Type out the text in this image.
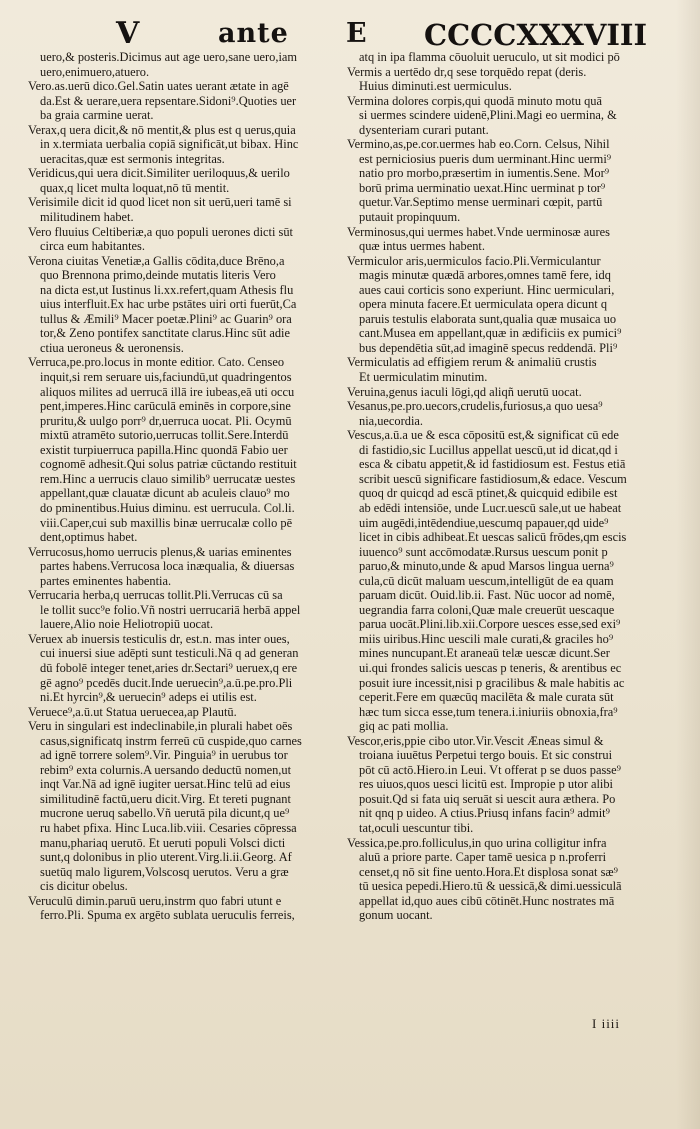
V	ante E CCCCXXXVIII
uero,& posteris.Dicimus aut age uero,sane uero,iam
uero,enimuero,atuero.
Vero.as.uerū dico.Gel.Satin uates uerant ætate in agē
da.Est & uerare,uera repsentare.Sidoni⁹.Quoties uer
ba graia carmine uerat.
Verax,q uera dicit,& nō mentit,& plus est q uerus,quia
in x.termiata uerbalia copiā significāt,ut bibax. Hinc
ueracitas,quæ est sermonis integritas.
Veridicus,qui uera dicit.Similiter ueriloquus,& uerilo
quax,q licet multa loquat,nō tū mentit.
Verisimile dicit id quod licet non sit uerū,ueri tamē si
militudinem habet.
Vero fluuius Celtiberiæ,a quo populi uerones dicti sūt
circa eum habitantes.
Verona ciuitas Venetiæ,a Gallis cōdita,duce Brēno,a
quo Brennona primo,deinde mutatis literis Vero
na dicta est,ut Iustinus li.xx.refert,quam Athesis flu
uius interfluit.Ex hac urbe pstātes uiri orti fuerūt,Ca
tullus & Æmili⁹ Macer poetæ.Plini⁹ ac Guarin⁹ ora
tor,& Zeno pontifex sanctitate clarus.Hinc sūt adie
ctiua ueroneus & ueronensis.
Verruca,pe.pro.locus in monte editior. Cato. Censeo
inquit,si rem seruare uis,faciundū,ut quadringentos
aliquos milites ad uerrucā illā ire iubeas,eā uti occu
pent,imperes.Hinc carūculā eminēs in corpore,sine
pruritu,& uulgo porr⁹ dr,uerruca uocat. Pli. Ocymū
mixtū atramēto sutorio,uerrucas tollit.Sere.Interdū
existit turpiuerruca papilla.Hinc quondā Fabio uer
cognomē adhesit.Qui solus patriæ cūctando restituit
rem.Hinc a uerrucis clauo similib⁹ uerrucatæ uestes
appellant,quæ clauatæ dicunt ab aculeis clauo⁹ mo
do pminentibus.Huius diminu. est uerrucula. Col.li.
viii.Caper,cui sub maxillis binæ uerrucalæ collo pē
dent,optimus habet.
Verrucosus,homo uerrucis plenus,& uarias eminentes
partes habens.Verrucosa loca inæqualia, & diuersas
partes eminentes habentia.
Verrucaria herba,q uerrucas tollit.Pli.Verrucas cū sa
le tollit succ⁹e folio.Vñ nostri uerrucariā herbā appel
lauere,Alio noie Heliotropiū uocat.
Veruex ab inuersis testiculis dr, est.n. mas inter oues,
cui inuersi siue adēpti sunt testiculi.Nā q ad generan
dū fobolē integer tenet,aries dr.Sectari⁹ ueruex,q ere
gē agno⁹ pcedēs ducit.Inde ueruecin⁹,a.ū.pe.pro.Pli
ni.Et hyrcin⁹,& ueruecin⁹ adeps ei utilis est.
Veruece⁹,a.ū.ut Statua ueruecea,ap Plautū.
Veru in singulari est indeclinabile,in plurali habet oēs
casus,significatq instrm ferreū cū cuspide,quo carnes
ad ignē torrere solem⁹.Vir. Pinguia⁹ in uerubus tor
rebim⁹ exta colurnis.A uersando deductū nomen,ut
inqt Var.Nā ad ignē iugiter uersat.Hinc telū ad eius
similitudinē factū,ueru dicit.Virg. Et tereti pugnant
mucrone ueruq sabello.Vñ uerutā pila dicunt,q ue⁹
ru habet pfixa. Hinc Luca.lib.viii. Cesaries cōpressa
manu,phariaq uerutō. Et ueruti populi Volsci dicti
sunt,q dolonibus in plio uterent.Virg.li.ii.Georg. Af
suetūq malo ligurem,Volscosq uerutos. Veru a græ
cis dicitur obelus.
Veruculū dimin.paruū ueru,instrm quo fabri utunt e
ferro.Pli. Spuma ex argēto sublata ueruculis ferreis,
atq in ipa flamma cōuoluit ueruculo, ut sit modici pō
Vermis a uertēdo dr,q sese torquēdo repat (deris.
Huius diminuti.est uermiculus.
Vermina dolores corpis,qui quodā minuto motu quā
si uermes scindere uidenē,Plini.Magi eo uermina, &
dysenteriam curari putant.
Vermino,as,pe.cor.uermes hab eo.Corn. Celsus, Nihil
est perniciosius pueris dum uerminant.Hinc uermi⁹
natio pro morbo,præsertim in iumentis.Sene. Mor⁹
borū prima uerminatio uexat.Hinc uerminat p tor⁹
quetur.Var.Septimo mense uerminari cœpit, partū
putauit propinquum.
Verminosus,qui uermes habet.Vnde uerminosæ aures
quæ intus uermes habent.
Vermiculor aris,uermiculos facio.Pli.Vermiculantur
magis minutæ quædā arbores,omnes tamē fere, idq
aues caui corticis sono experiunt. Hinc uermiculari,
opera minuta facere.Et uermiculata opera dicunt q
paruis testulis elaborata sunt,qualia quæ musaica uo
cant.Musea em appellant,quæ in ædificiis ex pumici⁹
bus dependētia sūt,ad imaginē specus reddendā. Pli⁹
Vermiculatis ad effigiem rerum & animaliū crustis
Et uermiculatim minutim.
Veruina,genus iaculi lōgi,qd aliqñ uerutū uocat.
Vesanus,pe.pro.uecors,crudelis,furiosus,a quo uesa⁹
nia,uecordia.
Vescus,a.ū.a ue & esca cōpositū est,& significat cū ede
di fastidio,sic Lucillus appellat uescū,ut id dicat,qd i
esca & cibatu appetit,& id fastidiosum est. Festus etiā
scribit uescū significare fastidiosum,& edace. Vescum
quoq dr quicqd ad escā ptinet,& quicquid edibile est
ab edēdi intensiōe, unde Lucr.uescū sale,ut ue habeat
uim augēdi,intēdendiue,uescumq papauer,qd uide⁹
licet in cibis adhibeat.Et uescas salicū frōdes,qm escis
iuuenco⁹ sunt accōmodatæ.Rursus uescum ponit p
paruo,& minuto,unde & apud Marsos lingua uerna⁹
cula,cū dicūt maluam uescum,intelligūt de ea quam
paruam dicūt. Ouid.lib.ii. Fast. Nūc uocor ad nomē,
uegrandia farra coloni,Quæ male creuerūt uescaque
parua uocāt.Plini.lib.xii.Corpore uesces esse,sed exi⁹
miis uiribus.Hinc uescili male curati,& graciles ho⁹
mines nuncupant.Et araneaū telæ uescæ dicunt.Ser
ui.qui frondes salicis uescas p teneris, & arentibus ec
posuit iure incessit,nisi p gracilibus & male habitis ac
ceperit.Fere em quæcūq macilēta & male curata sūt
hæc tum sicca esse,tum tenera.i.iniuriis obnoxia,fra⁹
giq ac pati mollia.
Vescor,eris,ppie cibo utor.Vir.Vescit Æneas simul &
troiana iuuētus Perpetui tergo bouis. Et sic construi
pōt cū actō.Hiero.in Leui. Vt offerat p se duos passe⁹
res uiuos,quos uesci licitū est. Impropie p utor alibi
posuit.Qd si fata uiq seruāt si uescit aura æthera. Po
nit qnq p uideo. A ctius.Priusq infans facin⁹ admit⁹
tat,oculi uescuntur tibi.
Vessica,pe.pro.folliculus,in quo urina colligitur infra
aluū a priore parte. Caper tamē uesica p n.proferri
censet,q nō sit fine uento.Hora.Et displosa sonat sæ⁹
tū uesica pepedi.Hiero.tū & uessicā,& dimi.uessiculā
appellat id,quo aues cibū cōtinēt.Hunc nostrates mā
gonum uocant.
I iiii
